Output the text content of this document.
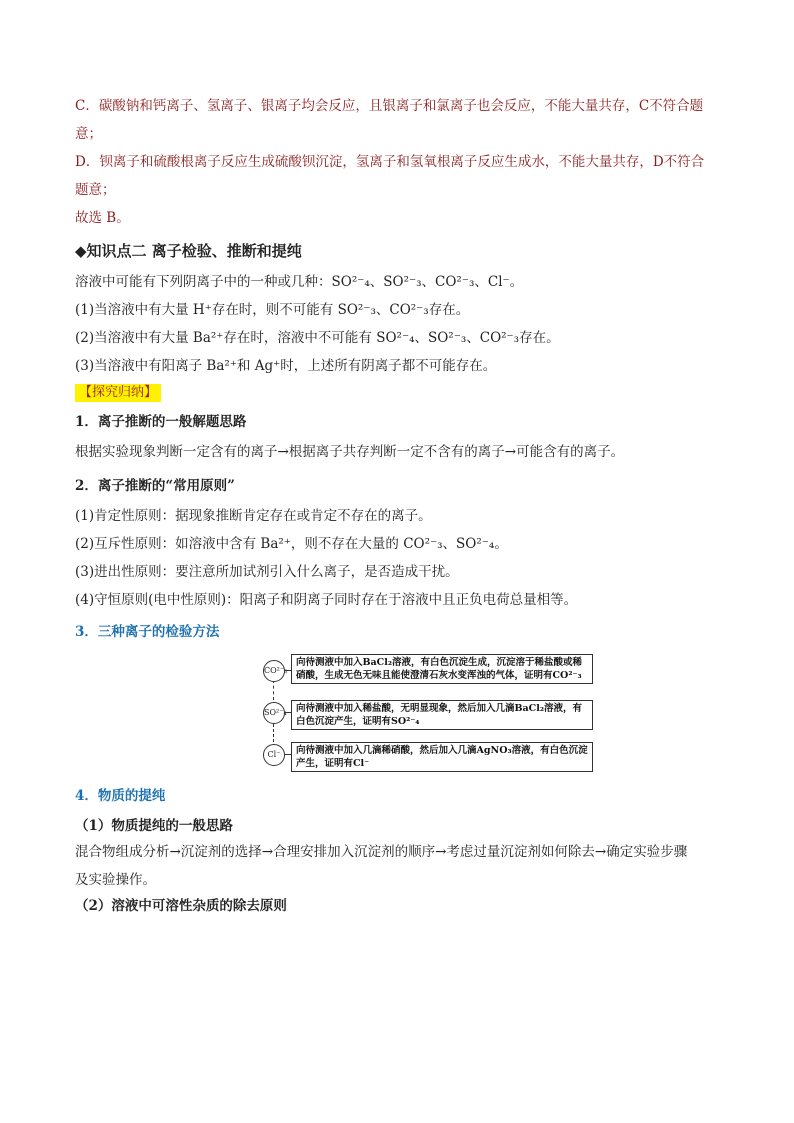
C．碳酸钠和钙离子、氢离子、银离子均会反应，且银离子和氯离子也会反应，不能大量共存，C不符合题

意；

D．钡离子和硫酸根离子反应生成硫酸钡沉淀，氢离子和氢氧根离子反应生成水，不能大量共存，D不符合

题意；

故选 B。

◆知识点二 离子检验、推断和提纯

溶液中可能有下列阴离子中的一种或几种：SO²⁻₄、SO²⁻₃、CO²⁻₃、Cl⁻。

(1)当溶液中有大量 H⁺存在时，则不可能有 SO²⁻₃、CO²⁻₃存在。

(2)当溶液中有大量 Ba²⁺存在时，溶液中不可能有 SO²⁻₄、SO²⁻₃、CO²⁻₃存在。

(3)当溶液中有阳离子 Ba²⁺和 Ag⁺时，上述所有阴离子都不可能存在。

【探究归纳】

1．离子推断的一般解题思路

根据实验现象判断一定含有的离子→根据离子共存判断一定不含有的离子→可能含有的离子。

2．离子推断的“常用原则”

(1)肯定性原则：据现象推断肯定存在或肯定不存在的离子。

(2)互斥性原则：如溶液中含有 Ba²⁺，则不存在大量的 CO²⁻₃、SO²⁻₄。

(3)进出性原则：要注意所加试剂引入什么离子，是否造成干扰。

(4)守恒原则(电中性原则)：阳离子和阴离子同时存在于溶液中且正负电荷总量相等。

3．三种离子的检验方法

CO²⁻₃
向待测液中加入BaCl₂溶液，有白色沉淀生成，沉淀溶于稀盐酸或稀硝酸，生成无色无味且能使澄清石灰水变浑浊的气体，证明有CO²⁻₃
SO²⁻₄ 向待测液中加入稀盐酸，无明显现象，然后加入几滴BaCl₂溶液，有白色沉淀产生，证明有SO²⁻₄
Cl⁻	向待测液中加入几滴稀硝酸，然后加入几滴AgNO₃溶液，有白色沉淀产生，证明有Cl⁻

4．物质的提纯

（1）物质提纯的一般思路

混合物组成分析→沉淀剂的选择→合理安排加入沉淀剂的顺序→考虑过量沉淀剂如何除去→确定实验步骤

及实验操作。

（2）溶液中可溶性杂质的除去原则
